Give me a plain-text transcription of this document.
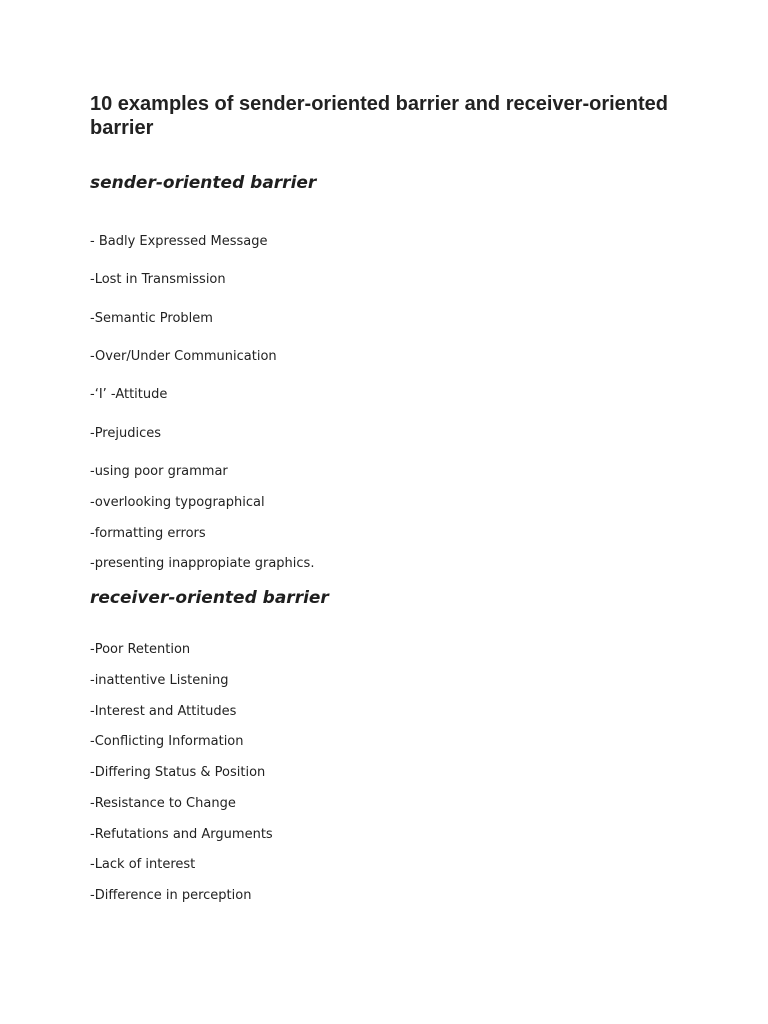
10 examples of sender-oriented barrier and receiver-oriented barrier
sender-oriented barrier
- Badly Expressed Message
-Lost in Transmission
-Semantic Problem
-Over/Under Communication
-‘I’ -Attitude
-Prejudices
-using poor grammar
-overlooking typographical
-formatting errors
-presenting inappropiate graphics.
receiver-oriented barrier
-Poor Retention
-inattentive Listening
-Interest and Attitudes
-Conflicting Information
-Differing Status & Position
-Resistance to Change
-Refutations and Arguments
-Lack of interest
-Difference in perception
